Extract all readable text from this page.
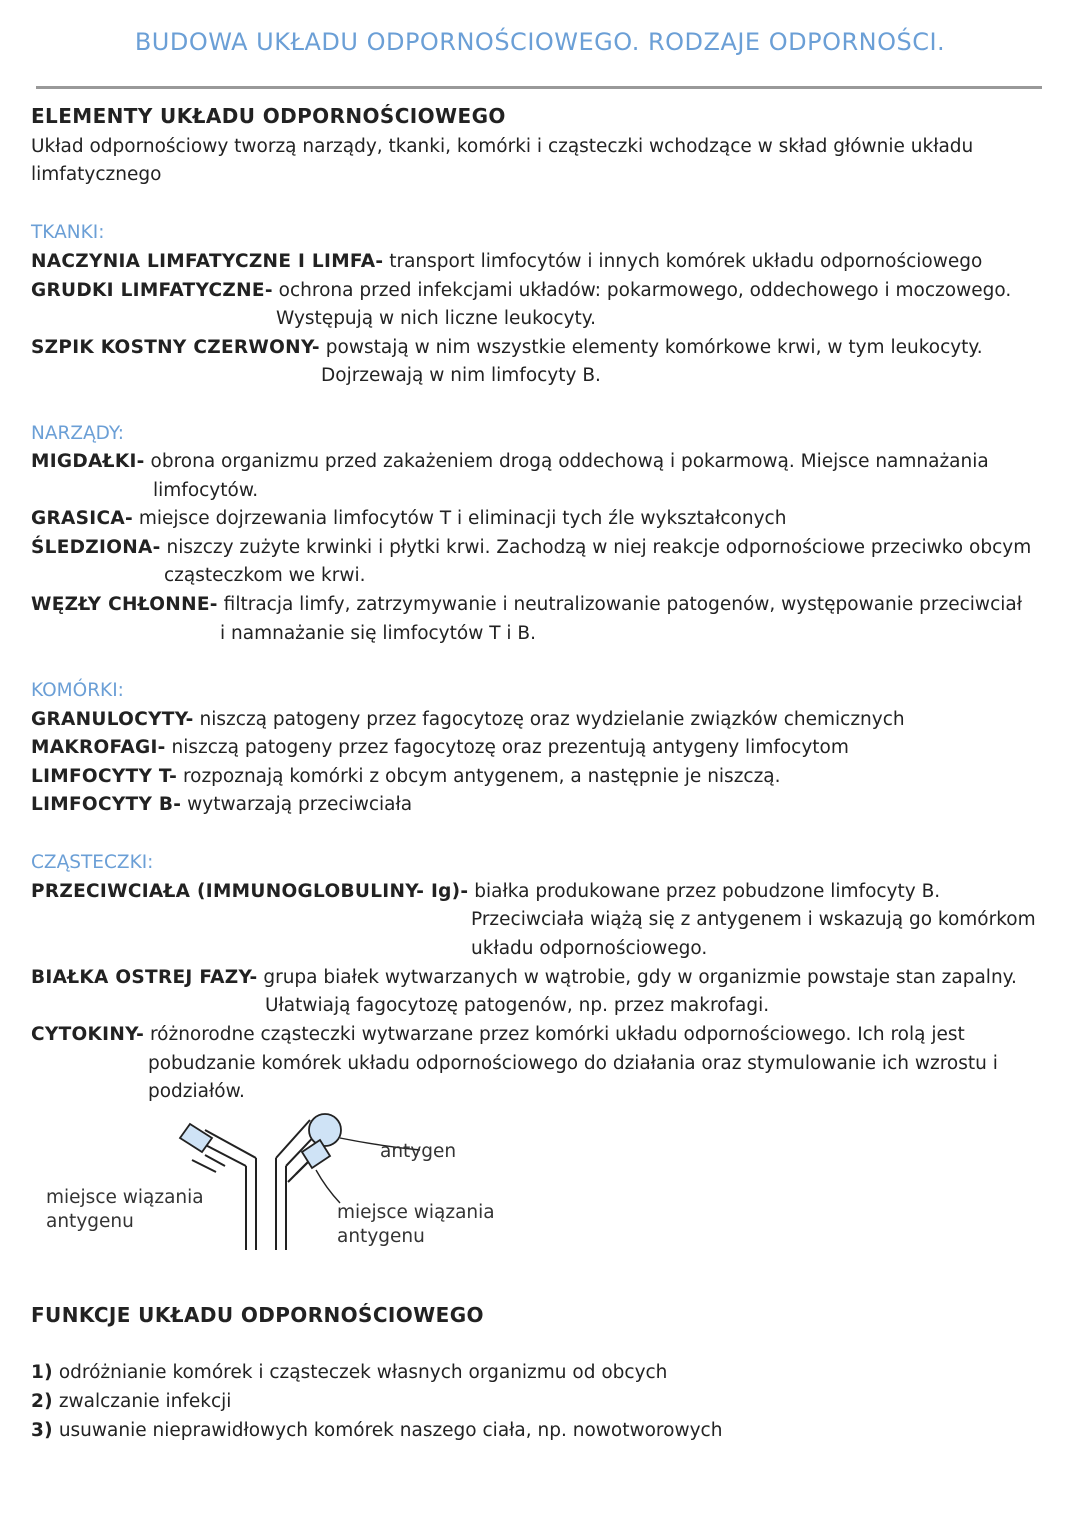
BUDOWA UKŁADU ODPORNOŚCIOWEGO. RODZAJE ODPORNOŚCI.
ELEMENTY UKŁADU ODPORNOŚCIOWEGO
Układ odpornościowy tworzą narządy, tkanki, komórki i cząsteczki wchodzące w skład głównie układu
limfatycznego
TKANKI:
NACZYNIA LIMFATYCZNE I LIMFA- transport limfocytów i innych komórek układu odpornościowego
GRUDKI LIMFATYCZNE- ochrona przed infekcjami układów: pokarmowego, oddechowego i moczowego.
Występują w nich liczne leukocyty.
SZPIK KOSTNY CZERWONY- powstają w nim wszystkie elementy komórkowe krwi, w tym leukocyty.
Dojrzewają w nim limfocyty B.
NARZĄDY:
MIGDAŁKI- obrona organizmu przed zakażeniem drogą oddechową i pokarmową. Miejsce namnażania
limfocytów.
GRASICA- miejsce dojrzewania limfocytów T i eliminacji tych źle wykształconych
ŚLEDZIONA- niszczy zużyte krwinki i płytki krwi. Zachodzą w niej reakcje odpornościowe przeciwko obcym
cząsteczkom we krwi.
WĘZŁY CHŁONNE- filtracja limfy, zatrzymywanie i neutralizowanie patogenów, występowanie przeciwciał
i namnażanie się limfocytów T i B.
KOMÓRKI:
GRANULOCYTY- niszczą patogeny przez fagocytozę oraz wydzielanie związków chemicznych
MAKROFAGI- niszczą patogeny przez fagocytozę oraz prezentują antygeny limfocytom
LIMFOCYTY T- rozpoznają komórki z obcym antygenem, a następnie je niszczą.
LIMFOCYTY B- wytwarzają przeciwciała
CZĄSTECZKI:
PRZECIWCIAŁA (IMMUNOGLOBULINY- Ig)- białka produkowane przez pobudzone limfocyty B.
Przeciwciała wiążą się z antygenem i wskazują go komórkom
układu odpornościowego.
BIAŁKA OSTREJ FAZY- grupa białek wytwarzanych w wątrobie, gdy w organizmie powstaje stan zapalny.
Ułatwiają fagocytozę patogenów, np. przez makrofagi.
CYTOKINY- różnorodne cząsteczki wytwarzane przez komórki układu odpornościowego. Ich rolą jest
pobudzanie komórek układu odpornościowego do działania oraz stymulowanie ich wzrostu i
podziałów.
antygen
miejsce wiązania
antygenu	miejsce wiązania
antygenu
FUNKCJE UKŁADU ODPORNOŚCIOWEGO
1) odróżnianie komórek i cząsteczek własnych organizmu od obcych
2) zwalczanie infekcji
3) usuwanie nieprawidłowych komórek naszego ciała, np. nowotworowych
